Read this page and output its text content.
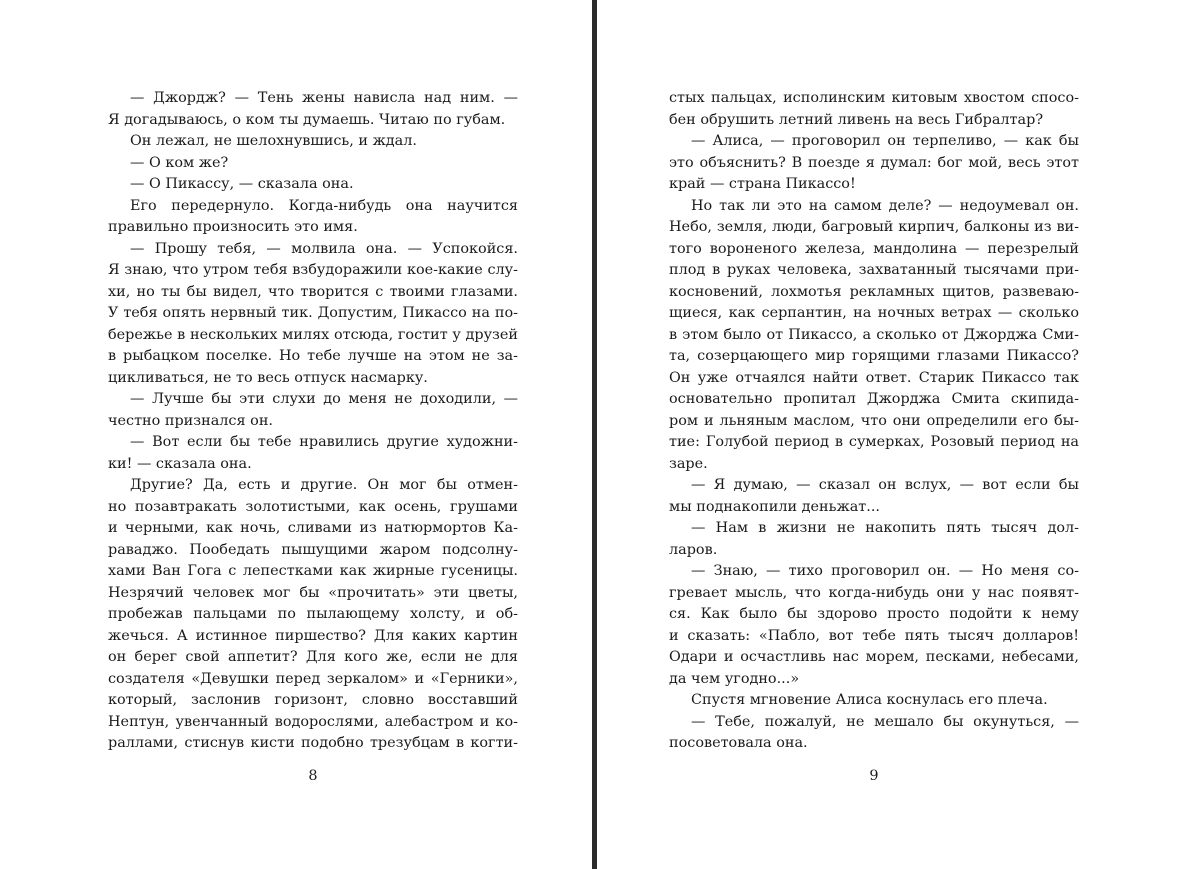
— Джордж? — Тень жены нависла над ним. —
Я догадываюсь, о ком ты думаешь. Читаю по губам.
Он лежал, не шелохнувшись, и ждал.
— О ком же?
— О Пикассу, — сказала она.
Его передернуло. Когда-нибудь она научится
правильно произносить это имя.
— Прошу тебя, — молвила она. — Успокойся.
Я знаю, что утром тебя взбудоражили кое-какие слу-
хи, но ты бы видел, что творится с твоими глазами.
У тебя опять нервный тик. Допустим, Пикассо на по-
бережье в нескольких милях отсюда, гостит у друзей
в рыбацком поселке. Но тебе лучше на этом не за-
цикливаться, не то весь отпуск насмарку.
— Лучше бы эти слухи до меня не доходили, —
честно признался он.
— Вот если бы тебе нравились другие художни-
ки! — сказала она.
Другие? Да, есть и другие. Он мог бы отмен-
но позавтракать золотистыми, как осень, грушами
и черными, как ночь, сливами из натюрмортов Ка-
раваджо. Пообедать пышущими жаром подсолну-
хами Ван Гога с лепестками как жирные гусеницы.
Незрячий человек мог бы «прочитать» эти цветы,
пробежав пальцами по пылающему холсту, и об-
жечься. А истинное пиршество? Для каких картин
он берег свой аппетит? Для кого же, если не для
создателя «Девушки перед зеркалом» и «Герники»,
который, заслонив горизонт, словно восставший
Нептун, увенчанный водорослями, алебастром и ко-
раллами, стиснув кисти подобно трезубцам в когти-
8
стых пальцах, исполинским китовым хвостом спосо-
бен обрушить летний ливень на весь Гибралтар?
— Алиса, — проговорил он терпеливо, — как бы
это объяснить? В поезде я думал: бог мой, весь этот
край — страна Пикассо!
Но так ли это на самом деле? — недоумевал он.
Небо, земля, люди, багровый кирпич, балконы из ви-
того вороненого железа, мандолина — перезрелый
плод в руках человека, захватанный тысячами при-
косновений, лохмотья рекламных щитов, развеваю-
щиеся, как серпантин, на ночных ветрах — сколько
в этом было от Пикассо, а сколько от Джорджа Сми-
та, созерцающего мир горящими глазами Пикассо?
Он уже отчаялся найти ответ. Старик Пикассо так
основательно пропитал Джорджа Смита скипида-
ром и льняным маслом, что они определили его бы-
тие: Голубой период в сумерках, Розовый период на
заре.
— Я думаю, — сказал он вслух, — вот если бы
мы поднакопили деньжат...
— Нам в жизни не накопить пять тысяч дол-
ларов.
— Знаю, — тихо проговорил он. — Но меня со-
гревает мысль, что когда-нибудь они у нас появят-
ся. Как было бы здорово просто подойти к нему
и сказать: «Пабло, вот тебе пять тысяч долларов!
Одари и осчастливь нас морем, песками, небесами,
да чем угодно...»
Спустя мгновение Алиса коснулась его плеча.
— Тебе, пожалуй, не мешало бы окунуться, —
посоветовала она.
9
